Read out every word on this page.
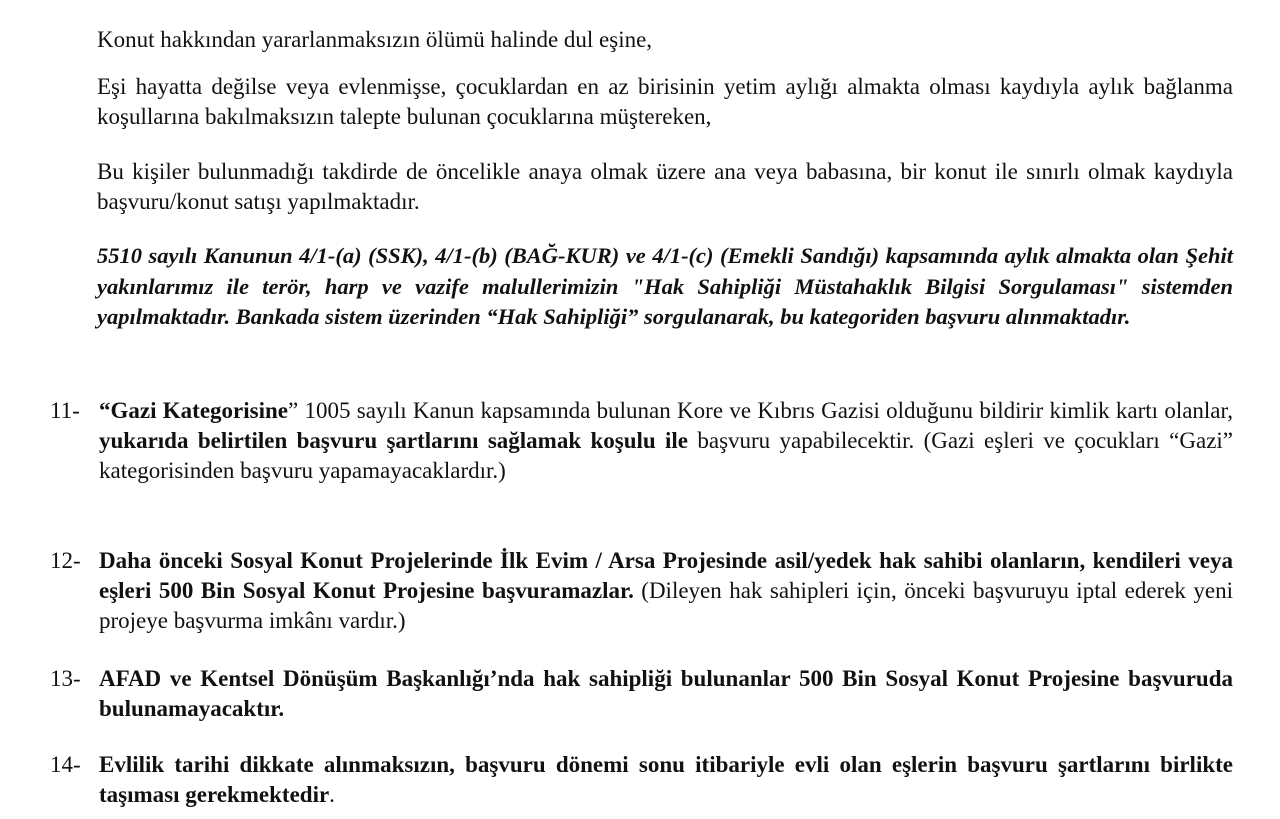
Konut hakkından yararlanmaksızın ölümü halinde dul eşine,
Eşi hayatta değilse veya evlenmişse, çocuklardan en az birisinin yetim aylığı almakta olması kaydıyla aylık bağlanma koşullarına bakılmaksızın talepte bulunan çocuklarına müştereken,
Bu kişiler bulunmadığı takdirde de öncelikle anaya olmak üzere ana veya babasına, bir konut ile sınırlı olmak kaydıyla başvuru/konut satışı yapılmaktadır.
5510 sayılı Kanunun 4/1-(a) (SSK), 4/1-(b) (BAĞ-KUR) ve 4/1-(c) (Emekli Sandığı) kapsamında aylık almakta olan Şehit yakınlarımız ile terör, harp ve vazife malullerimizin "Hak Sahipliği Müstahaklık Bilgisi Sorgulaması" sistemden yapılmaktadır. Bankada sistem üzerinden “Hak Sahipliği” sorgulanarak, bu kategoriden başvuru alınmaktadır.
11- “Gazi Kategorisine” 1005 sayılı Kanun kapsamında bulunan Kore ve Kıbrıs Gazisi olduğunu bildirir kimlik kartı olanlar, yukarıda belirtilen başvuru şartlarını sağlamak koşulu ile başvuru yapabilecektir. (Gazi eşleri ve çocukları “Gazi” kategorisinden başvuru yapamayacaklardır.)
12- Daha önceki Sosyal Konut Projelerinde İlk Evim / Arsa Projesinde asil/yedek hak sahibi olanların, kendileri veya eşleri 500 Bin Sosyal Konut Projesine başvuramazlar. (Dileyen hak sahipleri için, önceki başvuruyu iptal ederek yeni projeye başvurma imkânı vardır.)
13- AFAD ve Kentsel Dönüşüm Başkanlığı’nda hak sahipliği bulunanlar 500 Bin Sosyal Konut Projesine başvuruda bulunamayacaktır.
14- Evlilik tarihi dikkate alınmaksızın, başvuru dönemi sonu itibariyle evli olan eşlerin başvuru şartlarını birlikte taşıması gerekmektedir.
